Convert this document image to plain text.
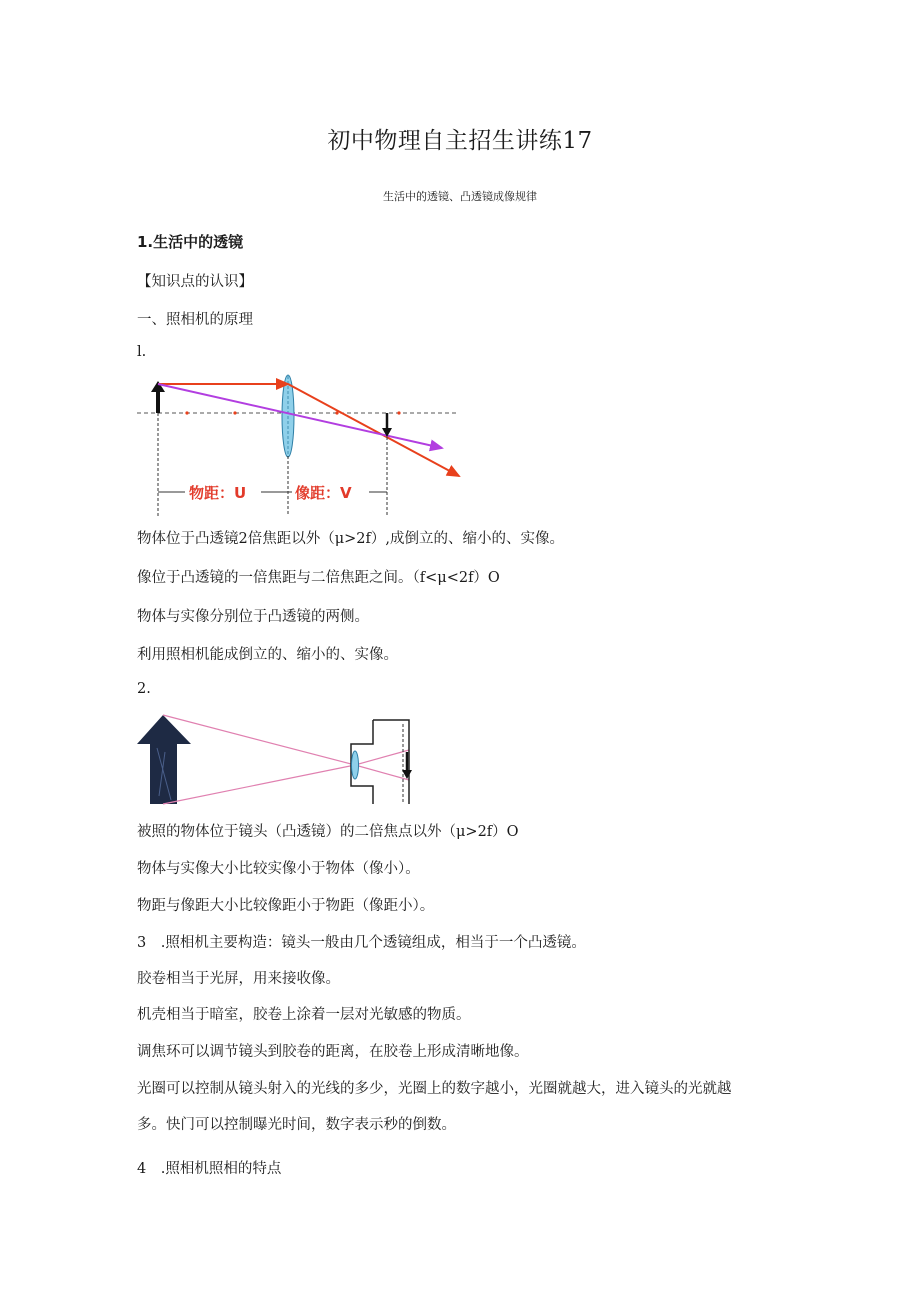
初中物理自主招生讲练17
生活中的透镜、凸透镜成像规律
1.生活中的透镜
【知识点的认识】
一、照相机的原理
l.
物距：U	像距：V
物体位于凸透镜2倍焦距以外（μ>2f）,成倒立的、缩小的、实像。
像位于凸透镜的一倍焦距与二倍焦距之间。（f<μ<2f）O
物体与实像分别位于凸透镜的两侧。
利用照相机能成倒立的、缩小的、实像。
2.
被照的物体位于镜头（凸透镜）的二倍焦点以外（μ>2f）O
物体与实像大小比较实像小于物体（像小）。
物距与像距大小比较像距小于物距（像距小）。
3　.照相机主要构造：镜头一般由几个透镜组成，相当于一个凸透镜。
胶卷相当于光屏，用来接收像。
机壳相当于暗室，胶卷上涂着一层对光敏感的物质。
调焦环可以调节镜头到胶卷的距离，在胶卷上形成清晰地像。
光圈可以控制从镜头射入的光线的多少，光圈上的数字越小，光圈就越大，进入镜头的光就越
多。快门可以控制曝光时间，数字表示秒的倒数。
4　.照相机照相的特点
